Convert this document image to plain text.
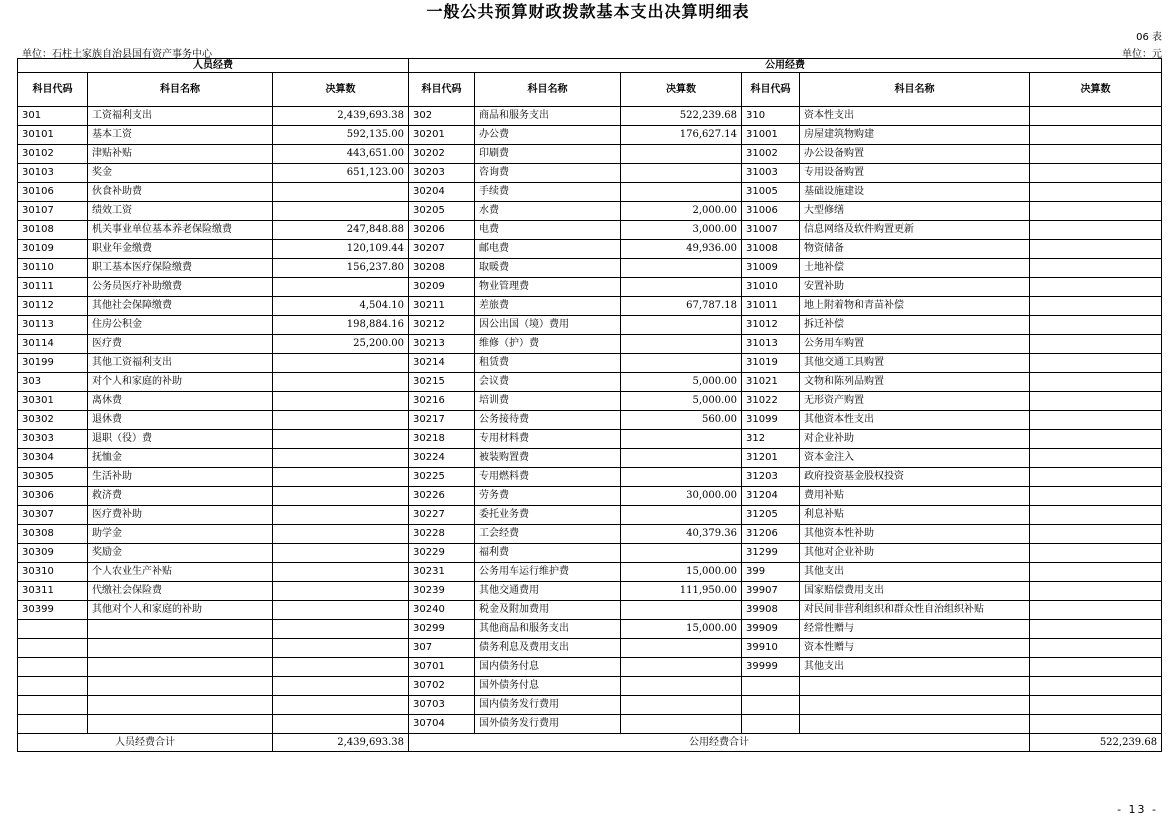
一般公共预算财政拨款基本支出决算明细表
06 表
单位：石柱土家族自治县国有资产事务中心	单位：元
人员经费			公用经费					
科目代码	科目名称	决算数	科目代码	科目名称	决算数	科目代码	科目名称	决算数
301	工资福利支出	2,439,693.38	302	商品和服务支出	522,239.68	310	资本性支出	
30101	基本工资	592,135.00	30201	办公费	176,627.14	31001	房屋建筑物购建	
30102	津贴补贴	443,651.00	30202	印刷费		31002	办公设备购置	
30103	奖金	651,123.00	30203	咨询费		31003	专用设备购置	
30106	伙食补助费		30204	手续费		31005	基础设施建设	
30107	绩效工资		30205	水费	2,000.00	31006	大型修缮	
30108	机关事业单位基本养老保险缴费	247,848.88	30206	电费	3,000.00	31007	信息网络及软件购置更新	
30109	职业年金缴费	120,109.44	30207	邮电费	49,936.00	31008	物资储备	
30110	职工基本医疗保险缴费	156,237.80	30208	取暖费		31009	土地补偿	
30111	公务员医疗补助缴费		30209	物业管理费		31010	安置补助	
30112	其他社会保障缴费	4,504.10	30211	差旅费	67,787.18	31011	地上附着物和青苗补偿	
30113	住房公积金	198,884.16	30212	因公出国（境）费用		31012	拆迁补偿	
30114	医疗费	25,200.00	30213	维修（护）费		31013	公务用车购置	
30199	其他工资福利支出		30214	租赁费		31019	其他交通工具购置	
303	对个人和家庭的补助		30215	会议费	5,000.00	31021	文物和陈列品购置	
30301	离休费		30216	培训费	5,000.00	31022	无形资产购置	
30302	退休费		30217	公务接待费	560.00	31099	其他资本性支出	
30303	退职（役）费		30218	专用材料费		312	对企业补助	
30304	抚恤金		30224	被装购置费		31201	资本金注入	
30305	生活补助		30225	专用燃料费		31203	政府投资基金股权投资	
30306	救济费		30226	劳务费	30,000.00	31204	费用补贴	
30307	医疗费补助		30227	委托业务费		31205	利息补贴	
30308	助学金		30228	工会经费	40,379.36	31206	其他资本性补助	
30309	奖励金		30229	福利费		31299	其他对企业补助	
30310	个人农业生产补贴		30231	公务用车运行维护费	15,000.00	399	其他支出	
30311	代缴社会保险费		30239	其他交通费用	111,950.00	39907	国家赔偿费用支出	
30399	其他对个人和家庭的补助		30240	税金及附加费用		39908	对民间非营利组织和群众性自治组织补贴	
			30299	其他商品和服务支出	15,000.00	39909	经常性赠与	
			307	债务利息及费用支出		39910	资本性赠与	
			30701	国内债务付息		39999	其他支出	
			30702	国外债务付息				
			30703	国内债务发行费用				
			30704	国外债务发行费用				
人员经费合计		2,439,693.38	公用经费合计					522,239.68
- 13 -
